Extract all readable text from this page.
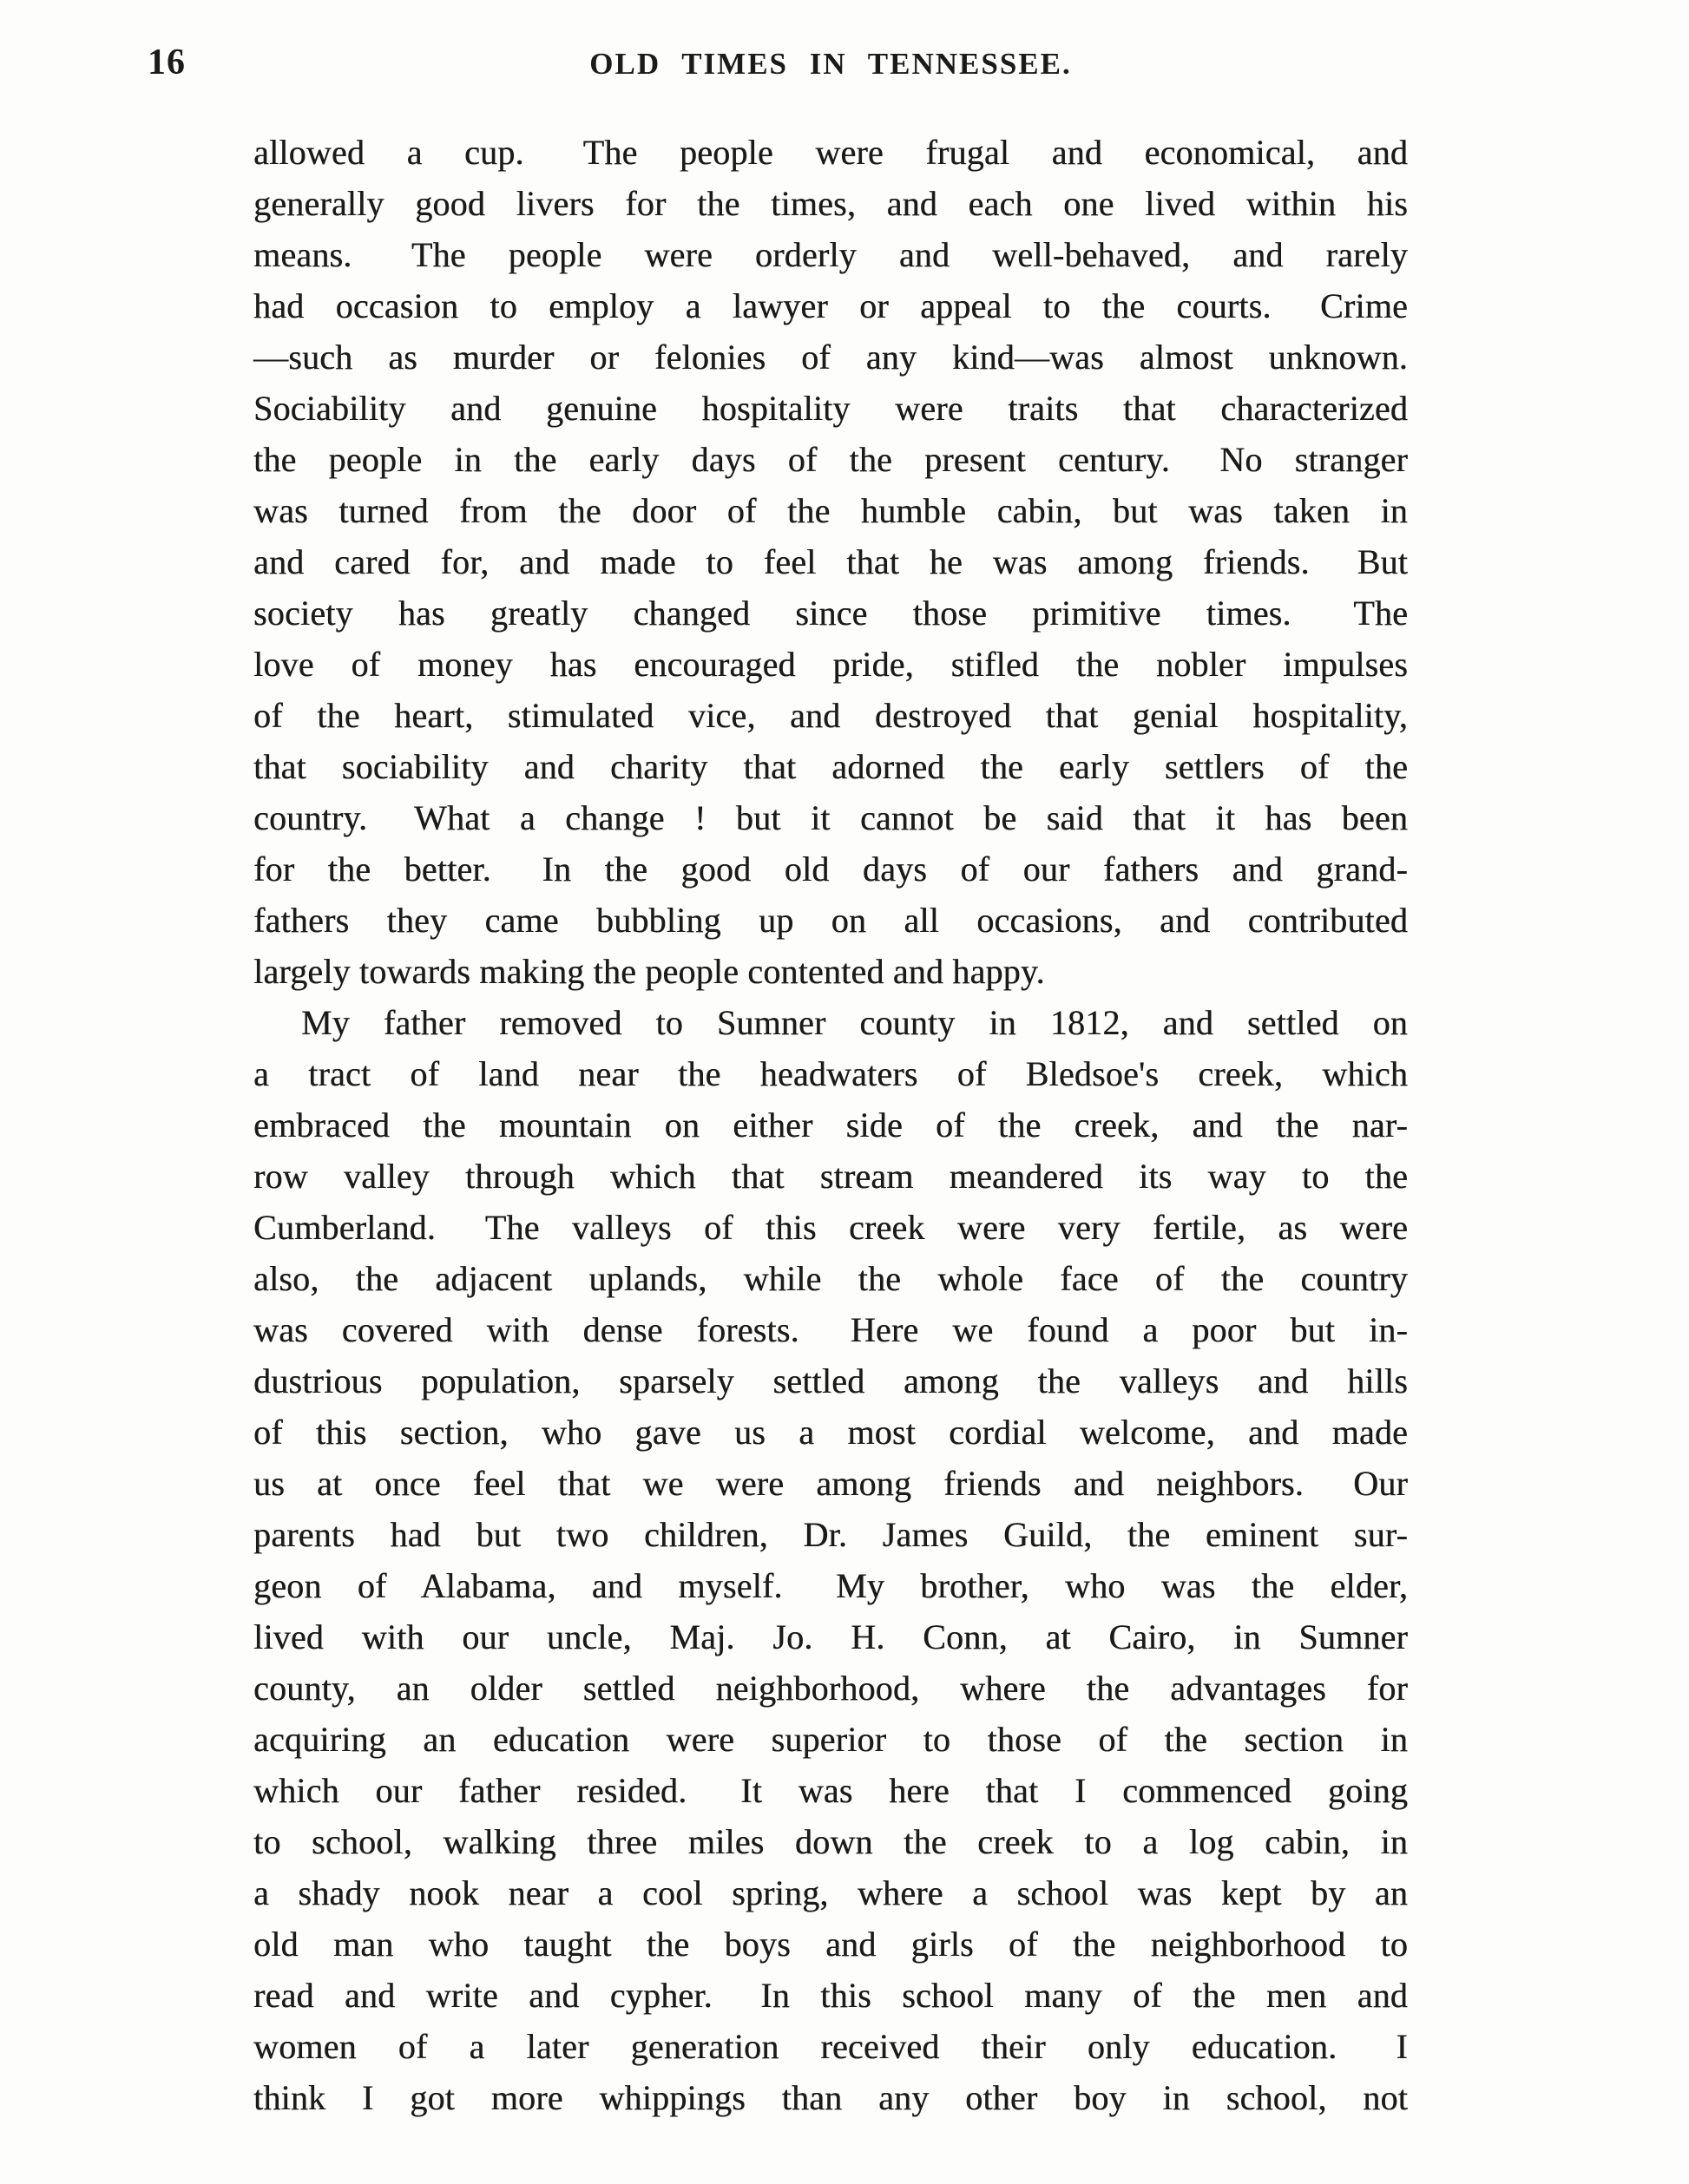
16	OLD TIMES IN TENNESSEE.
allowed a cup.  The people were frugal and economical, and
generally good livers for the times, and each one lived within his
means.  The people were orderly and well-behaved, and rarely
had occasion to employ a lawyer or appeal to the courts.  Crime
—such as murder or felonies of any kind—was almost unknown.
Sociability and genuine hospitality were traits that characterized
the people in the early days of the present century.  No stranger
was turned from the door of the humble cabin, but was taken in
and cared for, and made to feel that he was among friends.  But
society has greatly changed since those primitive times.  The
love of money has encouraged pride, stifled the nobler impulses
of the heart, stimulated vice, and destroyed that genial hospitality,
that sociability and charity that adorned the early settlers of the
country.  What a change ! but it cannot be said that it has been
for the better.  In the good old days of our fathers and grand-
fathers they came bubbling up on all occasions, and contributed
largely towards making the people contented and happy.
My father removed to Sumner county in 1812, and settled on
a tract of land near the headwaters of Bledsoe's creek, which
embraced the mountain on either side of the creek, and the nar-
row valley through which that stream meandered its way to the
Cumberland.  The valleys of this creek were very fertile, as were
also, the adjacent uplands, while the whole face of the country
was covered with dense forests.  Here we found a poor but in-
dustrious population, sparsely settled among the valleys and hills
of this section, who gave us a most cordial welcome, and made
us at once feel that we were among friends and neighbors.  Our
parents had but two children, Dr. James Guild, the eminent sur-
geon of Alabama, and myself.  My brother, who was the elder,
lived with our uncle, Maj. Jo. H. Conn, at Cairo, in Sumner
county, an older settled neighborhood, where the advantages for
acquiring an education were superior to those of the section in
which our father resided.  It was here that I commenced going
to school, walking three miles down the creek to a log cabin, in
a shady nook near a cool spring, where a school was kept by an
old man who taught the boys and girls of the neighborhood to
read and write and cypher.  In this school many of the men and
women of a later generation received their only education.  I
think I got more whippings than any other boy in school, not
